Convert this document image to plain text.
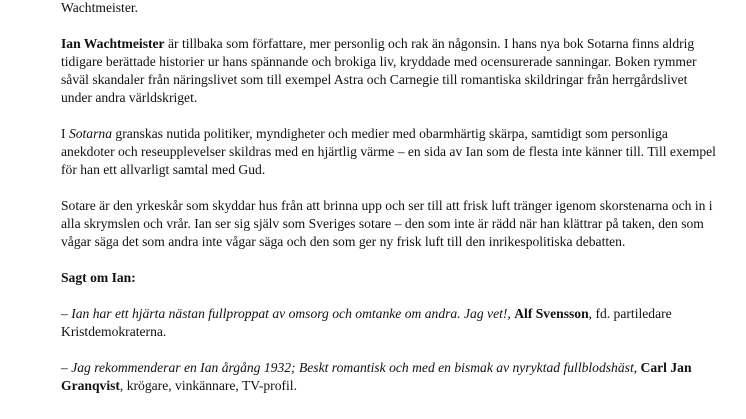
Wachtmeister.

Ian Wachtmeister är tillbaka som författare, mer personlig och rak än någonsin. I hans nya bok Sotarna finns aldrig tidigare berättade historier ur hans spännande och brokiga liv, kryddade med ocensurerade sanningar. Boken rymmer såväl skandaler från näringslivet som till exempel Astra och Carnegie till romantiska skildringar från herrgårdslivet under andra världskriget.

I Sotarna granskas nutida politiker, myndigheter och medier med obarmhärtig skärpa, samtidigt som personliga anekdoter och reseupplevelser skildras med en hjärtlig värme – en sida av Ian som de flesta inte känner till. Till exempel för han ett allvarligt samtal med Gud.

Sotare är den yrkeskår som skyddar hus från att brinna upp och ser till att frisk luft tränger igenom skorstenarna och in i alla skrymslen och vrår. Ian ser sig själv som Sveriges sotare – den som inte är rädd när han klättrar på taken, den som vågar säga det som andra inte vågar säga och den som ger ny frisk luft till den inrikespolitiska debatten.

Sagt om Ian:

– Ian har ett hjärta nästan fullproppat av omsorg och omtanke om andra. Jag vet!, Alf Svensson, fd. partiledare Kristdemokraterna.

– Jag rekommenderar en Ian årgång 1932; Beskt romantisk och med en bismak av nyryktad fullblodshäst, Carl Jan Granqvist, krögare, vinkännare, TV-profil.
